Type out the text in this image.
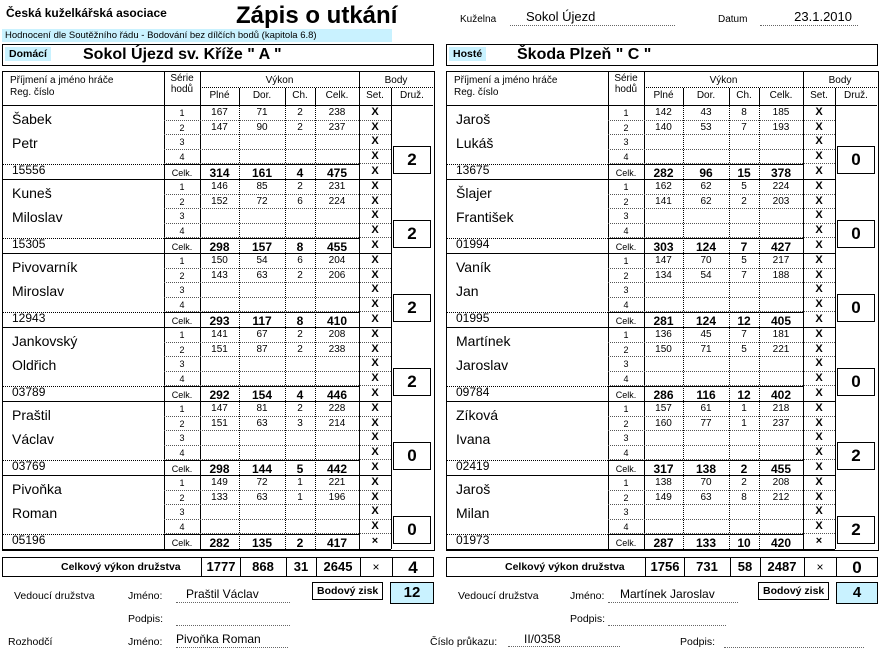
Česká kuželkářská asociace	Zápis o utkání
Hodnocení dle Soutěžního řádu - Bodování bez dílčích bodů (kapitola 6.8)
Kuželna	Sokol Újezd	Datum	23.1.2010
Domácí Sokol Újezd sv. Kříže " A "	Hosté Škoda Plzeň " C "
Příjmení a jméno hráče
Reg. číslo
Série
hodů
Výkon
Plné	Dor.	Ch.	Celk.
Body
Set.	Druž.
Šabek
Petr
15556
1	167	71	2	238	X
2	147	90	2	237	X
3	X
4	X
Celk.	314	161	4	475	X
2
Kuneš
Miloslav
15305
1	146	85	2	231	X
2	152	72	6	224	X
3	X
4	X
Celk.	298	157	8	455	X
2
Pivovarník
Miroslav
12943
1	150	54	6	204	X
2	143	63	2	206	X
3	X
4	X
Celk.	293	117	8	410	X
2
Jankovský
Oldřich
03789
1	141	67	2	208	X
2	151	87	2	238	X
3	X
4	X
Celk.	292	154	4	446	X
2
Praštil
Václav
03769
1	147	81	2	228	X
2	151	63	3	214	X
3	X
4	X
Celk.	298	144	5	442	X
0
Pivoňka
Roman
05196
1	149	72	1	221	X
2	133	63	1	196	X
3	X
4	X
Celk.	282	135	2	417	×
0
Příjmení a jméno hráče
Reg. číslo
Série
hodů
Výkon
Plné	Dor.	Ch.	Celk.
Body
Set.	Druž.
Jaroš
Lukáš
13675
1	142	43	8	185	X
2	140	53	7	193	X
3	X
4	X
Celk.	282	96	15	378	X
0
Šlajer
František
01994
1	162	62	5	224	X
2	141	62	2	203	X
3	X
4	X
Celk.	303	124	7	427	X
0
Vaník
Jan
01995
1	147	70	5	217	X
2	134	54	7	188	X
3	X
4	X
Celk.	281	124	12	405	X
0
Martínek
Jaroslav
09784
1	136	45	7	181	X
2	150	71	5	221	X
3	X
4	X
Celk.	286	116	12	402	X
0
Zíková
Ivana
02419
1	157	61	1	218	X
2	160	77	1	237	X
3	X
4	X
Celk.	317	138	2	455	X
2
Jaroš
Milan
01973
1	138	70	2	208	X
2	149	63	8	212	X
3	X
4	X
Celk.	287	133	10	420	×
2
Celkový výkon družstva	1777	868	31	2645	×	4	Celkový výkon družstva	1756	731	58	2487	×	0
Vedoucí družstva	Jméno:	Praštil Václav	Bodový zisk	12
Podpis:
Vedoucí družstva	Jméno:	Martínek Jaroslav	Bodový zisk	4
Podpis:
Rozhodčí	Jméno: Pivoňka Roman	Číslo průkazu:	II/0358	Podpis:
